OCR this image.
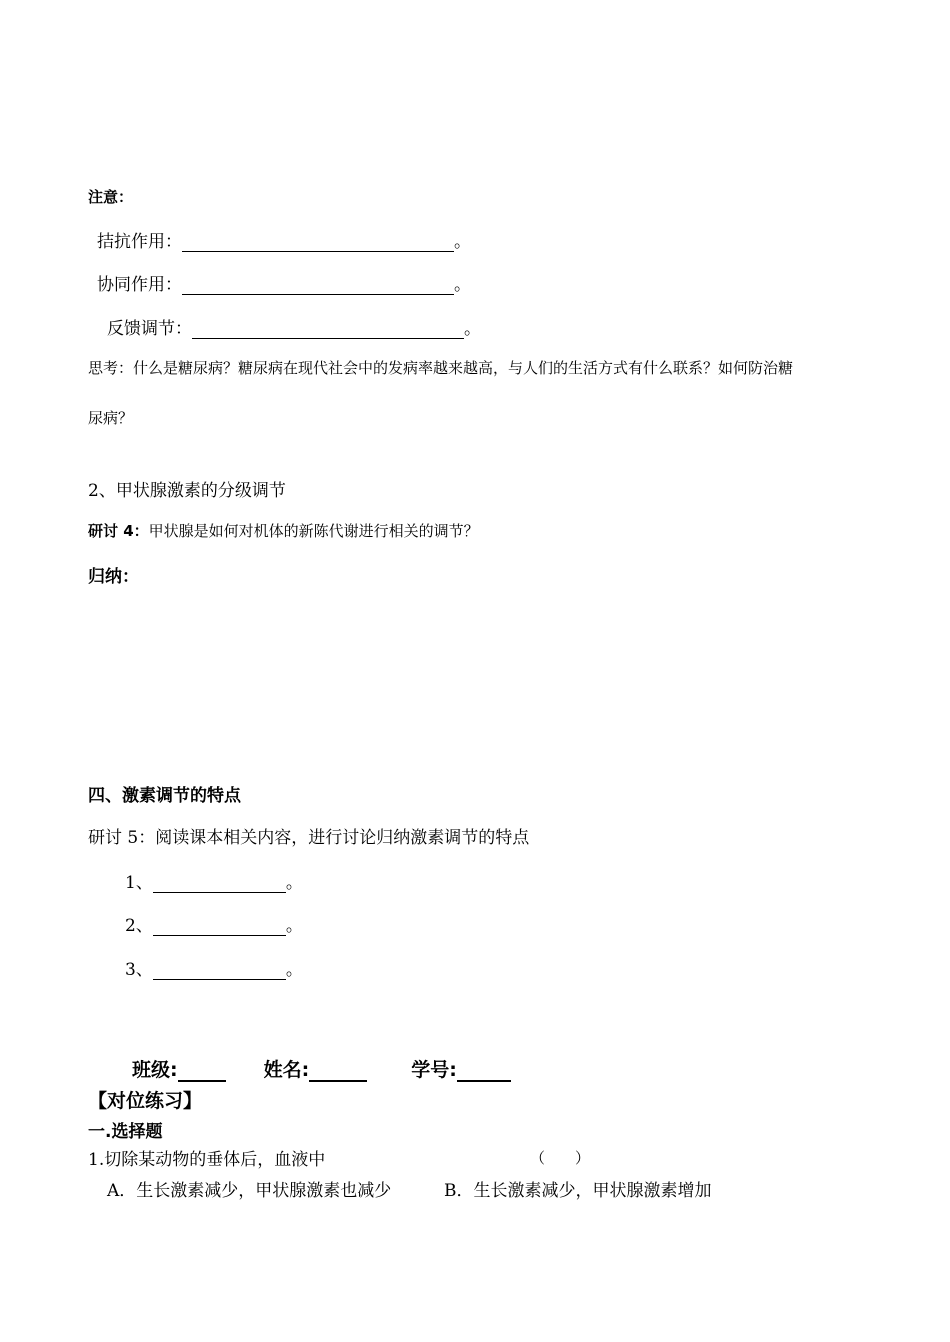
注意：
拮抗作用：	。
协同作用：	。
反馈调节：	。
思考：什么是糖尿病？糖尿病在现代社会中的发病率越来越高，与人们的生活方式有什么联系？如何防治糖
尿病？
2、甲状腺激素的分级调节
研讨 4：甲状腺是如何对机体的新陈代谢进行相关的调节？
归纳：
四、激素调节的特点
研讨 5：阅读课本相关内容，进行讨论归纳激素调节的特点
1、	。
2、	。
3、	。
班级:	姓名:	学号:
【对位练习】
一.选择题
1.切除某动物的垂体后，血液中	（　　）
A．生长激素减少，甲状腺激素也减少	B．生长激素减少，甲状腺激素增加
